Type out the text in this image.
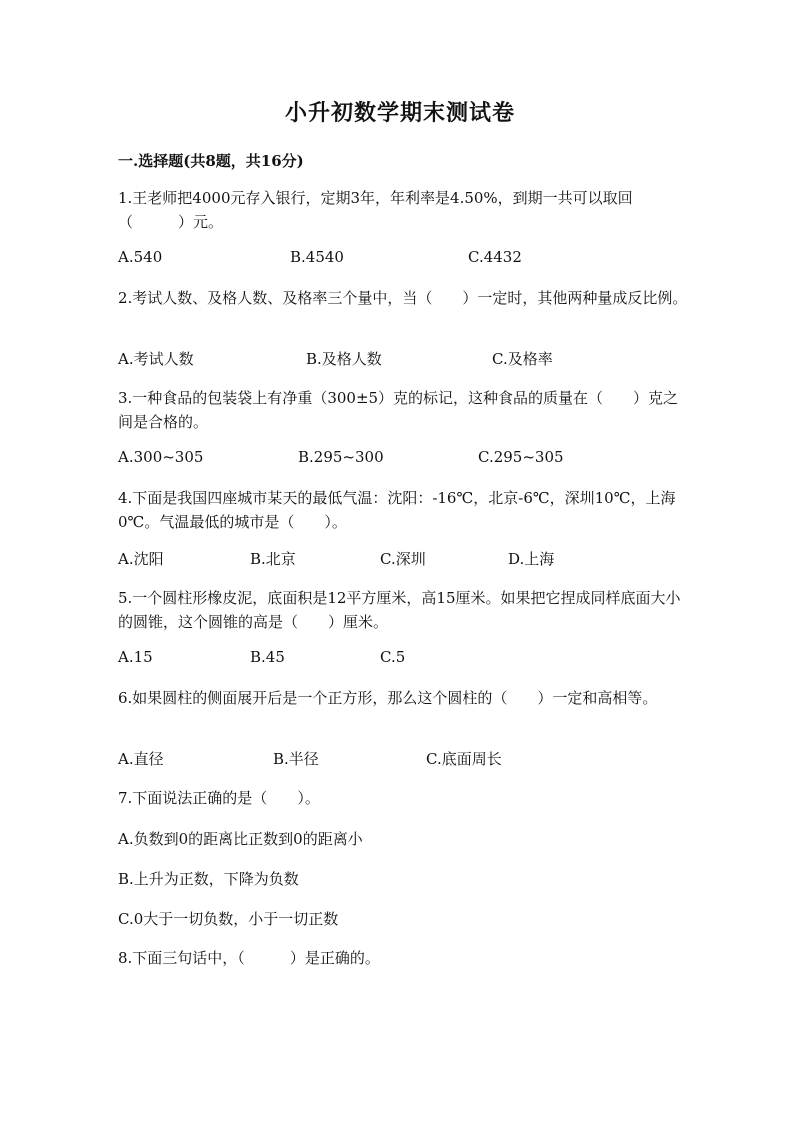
小升初数学期末测试卷
一.选择题(共8题，共16分)
1.王老师把4000元存入银行，定期3年，年利率是4.50%，到期一共可以取回（　　　）元。
A.540	B.4540	C.4432
2.考试人数、及格人数、及格率三个量中，当（　　）一定时，其他两种量成反比例。
A.考试人数	B.及格人数	C.及格率
3.一种食品的包装袋上有净重（300±5）克的标记，这种食品的质量在（　　）克之间是合格的。
A.300~305	B.295~300	C.295~305
4.下面是我国四座城市某天的最低气温：沈阳：-16℃，北京-6℃，深圳10℃，上海0℃。气温最低的城市是（　　）。
A.沈阳	B.北京	C.深圳	D.上海
5.一个圆柱形橡皮泥，底面积是12平方厘米，高15厘米。如果把它捏成同样底面大小的圆锥，这个圆锥的高是（　　）厘米。
A.15	B.45	C.5
6.如果圆柱的侧面展开后是一个正方形，那么这个圆柱的（　　）一定和高相等。
A.直径	B.半径	C.底面周长
7.下面说法正确的是（　　）。
A.负数到0的距离比正数到0的距离小
B.上升为正数，下降为负数
C.0大于一切负数，小于一切正数
8.下面三句话中，（　　　）是正确的。
